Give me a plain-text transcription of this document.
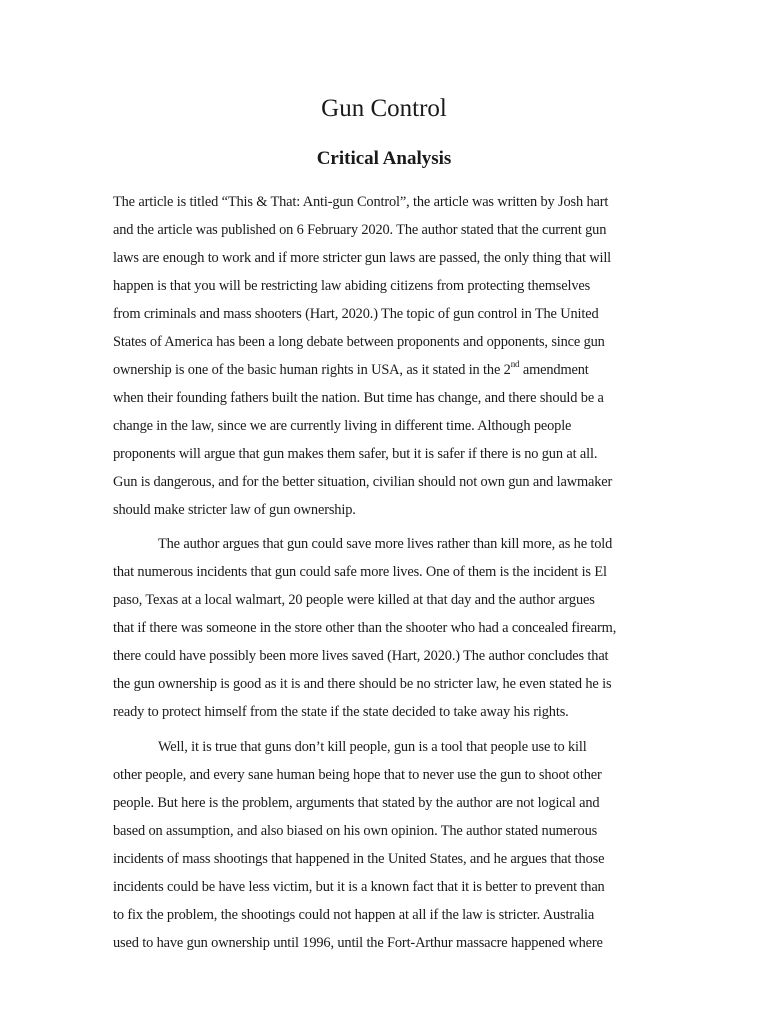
Gun Control
Critical Analysis

The article is titled “This & That: Anti-gun Control”, the article was written by Josh hart
and the article was published on 6 February 2020. The author stated that the current gun
laws are enough to work and if more stricter gun laws are passed, the only thing that will
happen is that you will be restricting law abiding citizens from protecting themselves
from criminals and mass shooters (Hart, 2020.) The topic of gun control in The United
States of America has been a long debate between proponents and opponents, since gun
ownership is one of the basic human rights in USA, as it stated in the 2nd amendment
when their founding fathers built the nation. But time has change, and there should be a
change in the law, since we are currently living in different time. Although people
proponents will argue that gun makes them safer, but it is safer if there is no gun at all.
Gun is dangerous, and for the better situation, civilian should not own gun and lawmaker
should make stricter law of gun ownership.

The author argues that gun could save more lives rather than kill more, as he told
that numerous incidents that gun could safe more lives. One of them is the incident is El
paso, Texas at a local walmart, 20 people were killed at that day and the author argues
that if there was someone in the store other than the shooter who had a concealed firearm,
there could have possibly been more lives saved (Hart, 2020.) The author concludes that
the gun ownership is good as it is and there should be no stricter law, he even stated he is
ready to protect himself from the state if the state decided to take away his rights.

Well, it is true that guns don’t kill people, gun is a tool that people use to kill
other people, and every sane human being hope that to never use the gun to shoot other
people. But here is the problem, arguments that stated by the author are not logical and
based on assumption, and also biased on his own opinion. The author stated numerous
incidents of mass shootings that happened in the United States, and he argues that those
incidents could be have less victim, but it is a known fact that it is better to prevent than
to fix the problem, the shootings could not happen at all if the law is stricter. Australia
used to have gun ownership until 1996, until the Fort-Arthur massacre happened where
